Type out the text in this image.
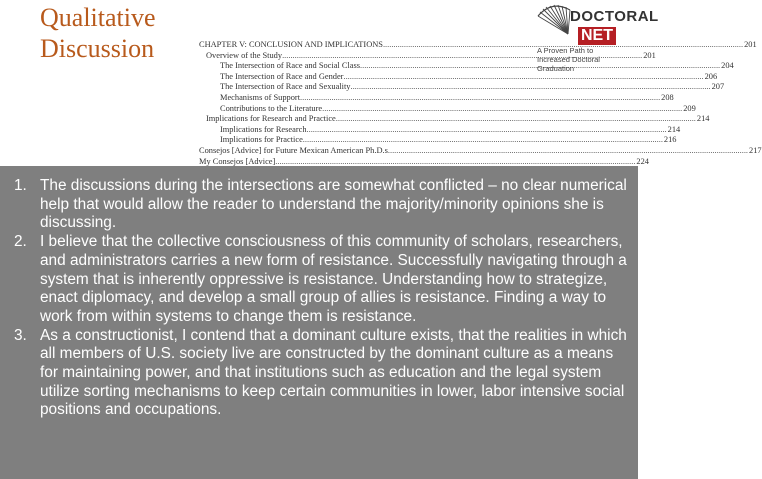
Qualitative
Discussion	CHAPTER V: CONCLUSION AND IMPLICATIONS .....	201
Overview of the Study .....	201
The Intersection of Race and Social Class .....	204
The Intersection of Race and Gender .....	206
The Intersection of Race and Sexuality .....	207
Mechanisms of Support .....	208
Contributions to the Literature .....	209
Implications for Research and Practice .....	214
Implications for Research .....	214
Implications for Practice .....	216
Consejos [Advice] for Future Mexican American Ph.D.s .....	217
My Consejos [Advice] .....	224
DOCTORAL
NET
A Proven Path to
Increased Doctoral Graduation
1. The discussions during the intersections are somewhat conflicted – no clear numerical help that would allow the reader to understand the majority/minority opinions she is discussing.
2. I believe that the collective consciousness of this community of scholars, researchers, and administrators carries a new form of resistance. Successfully navigating through a system that is inherently oppressive is resistance. Understanding how to strategize, enact diplomacy, and develop a small group of allies is resistance. Finding a way to work from within systems to change them is resistance.
3. As a constructionist, I contend that a dominant culture exists, that the realities in which all members of U.S. society live are constructed by the dominant culture as a means for maintaining power, and that institutions such as education and the legal system utilize sorting mechanisms to keep certain communities in lower, labor intensive social positions and occupations.
